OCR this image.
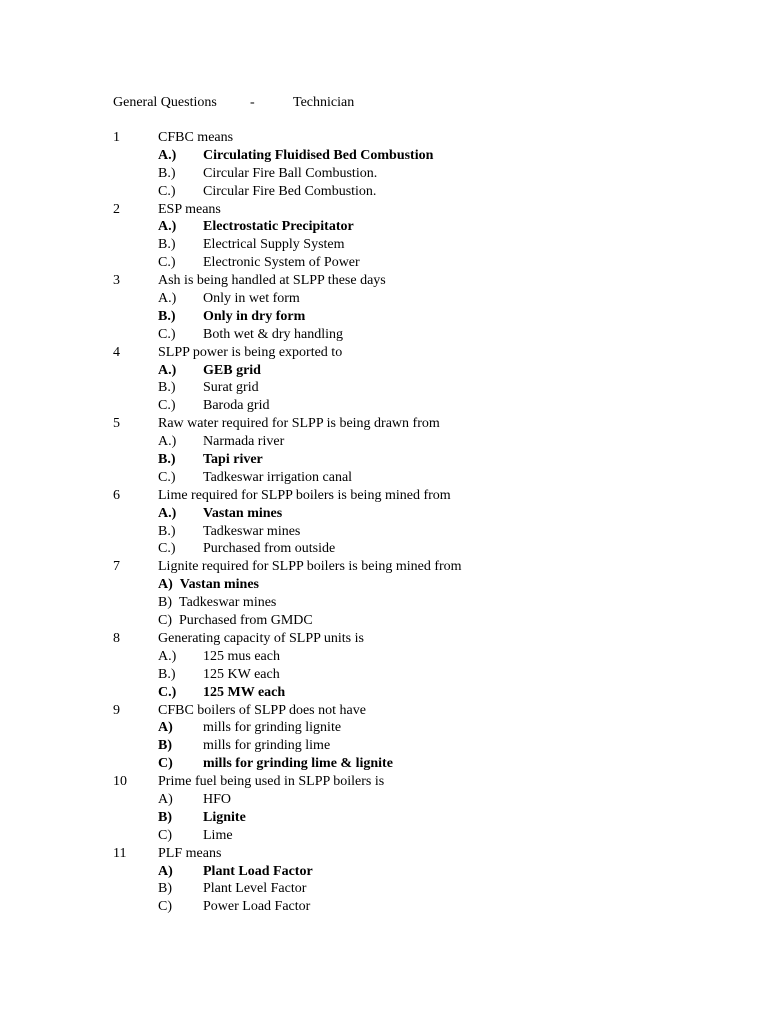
General Questions -	Technician
1	CFBC means
A.) Circulating Fluidised Bed Combustion
B.) Circular Fire Ball Combustion.
C.) Circular Fire Bed Combustion.
2	ESP means
A.) Electrostatic Precipitator
B.) Electrical Supply System
C.) Electronic System of Power
3	Ash is being handled at SLPP these days
A.) Only in wet form
B.) Only in dry form
C.) Both wet & dry handling
4	SLPP power is being exported to
A.) GEB grid
B.) Surat grid
C.) Baroda grid
5	Raw water required for SLPP is being drawn from
A.) Narmada river
B.) Tapi river
C.) Tadkeswar irrigation canal
6	Lime required for SLPP boilers is being mined from
A.) Vastan mines
B.) Tadkeswar mines
C.) Purchased from outside
7	Lignite required for SLPP boilers is being mined from
A) Vastan mines
B) Tadkeswar mines
C) Purchased from GMDC
8	Generating capacity of SLPP units is
A.) 125 mus each
B.) 125 KW each
C.) 125 MW each
9	CFBC boilers of SLPP does not have
A) mills for grinding lignite
B) mills for grinding lime
C) mills for grinding lime & lignite
10 Prime fuel being used in SLPP boilers is
A) HFO
B) Lignite
C) Lime
11 PLF means
A) Plant Load Factor
B) Plant Level Factor
C) Power Load Factor
